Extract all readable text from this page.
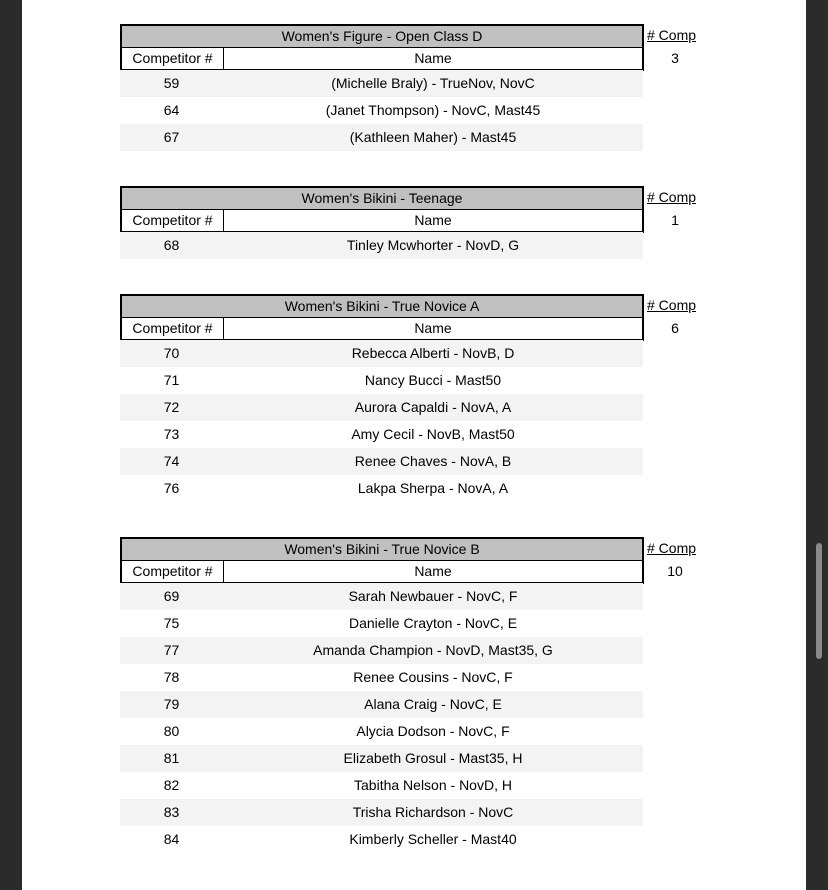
Women's Figure - Open Class D	# Comp
Competitor #	Name	3
59	(Michelle Braly) - TrueNov, NovC
64	(Janet Thompson) - NovC, Mast45
67	(Kathleen Maher) - Mast45
Women's Bikini - Teenage	# Comp
Competitor #	Name	1
68	Tinley Mcwhorter - NovD, G
Women's Bikini - True Novice A	# Comp
Competitor #	Name	6
70	Rebecca Alberti - NovB, D
71	Nancy Bucci - Mast50
72	Aurora Capaldi - NovA, A
73	Amy Cecil - NovB, Mast50
74	Renee Chaves - NovA, B
76	Lakpa Sherpa - NovA, A
Women's Bikini - True Novice B	# Comp
Competitor #	Name	10
69	Sarah Newbauer - NovC, F
75	Danielle Crayton - NovC, E
77	Amanda Champion - NovD, Mast35, G
78	Renee Cousins - NovC, F
79	Alana Craig - NovC, E
80	Alycia Dodson - NovC, F
81	Elizabeth Grosul - Mast35, H
82	Tabitha Nelson - NovD, H
83	Trisha Richardson - NovC
84	Kimberly Scheller - Mast40
